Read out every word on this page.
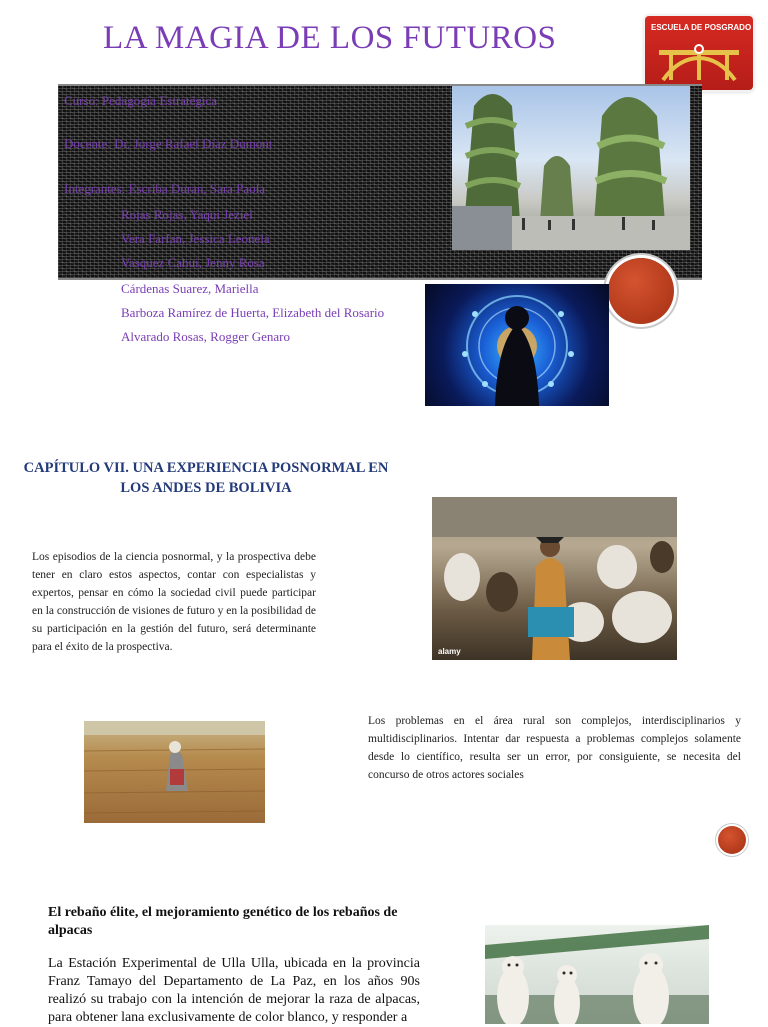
LA MAGIA DE LOS FUTUROS	ESCUELA DE POSGRADO
Curso: Pedagogía Estratégica
Docente: Dr. Jorge Rafael Díaz Dumont
Integrantes: Escriba Duran, Sara Paola
Rojas Rojas, Yaqui Jeziel
Vera Farfan, Jessica Leonela
Vasquez Cahui, Jenny Rosa
Cárdenas Suarez, Mariella
Barboza Ramírez de Huerta, Elizabeth del Rosario
Alvarado Rosas, Rogger Genaro
CAPÍTULO VII. UNA EXPERIENCIA POSNORMAL EN LOS ANDES DE BOLIVIA
alamy
Los episodios de la ciencia posnormal, y la prospectiva debe tener en claro estos aspectos, contar con especialistas y expertos, pensar en cómo la sociedad civil puede participar en la construcción de visiones de futuro y en la posibilidad de su participación en la gestión del futuro, será determinante para el éxito de la prospectiva.
Los problemas en el área rural son complejos, interdisciplinarios y multidisciplinarios. Intentar dar respuesta a problemas complejos solamente desde lo científico, resulta ser un error, por consiguiente, se necesita del concurso de otros actores sociales
El rebaño élite, el mejoramiento genético de los rebaños de alpacas
La Estación Experimental de Ulla Ulla, ubicada en la provincia Franz Tamayo del Departamento de La Paz, en los años 90s realizó su trabajo con la intención de mejorar la raza de alpacas, para obtener lana exclusivamente de color blanco, y responder a
